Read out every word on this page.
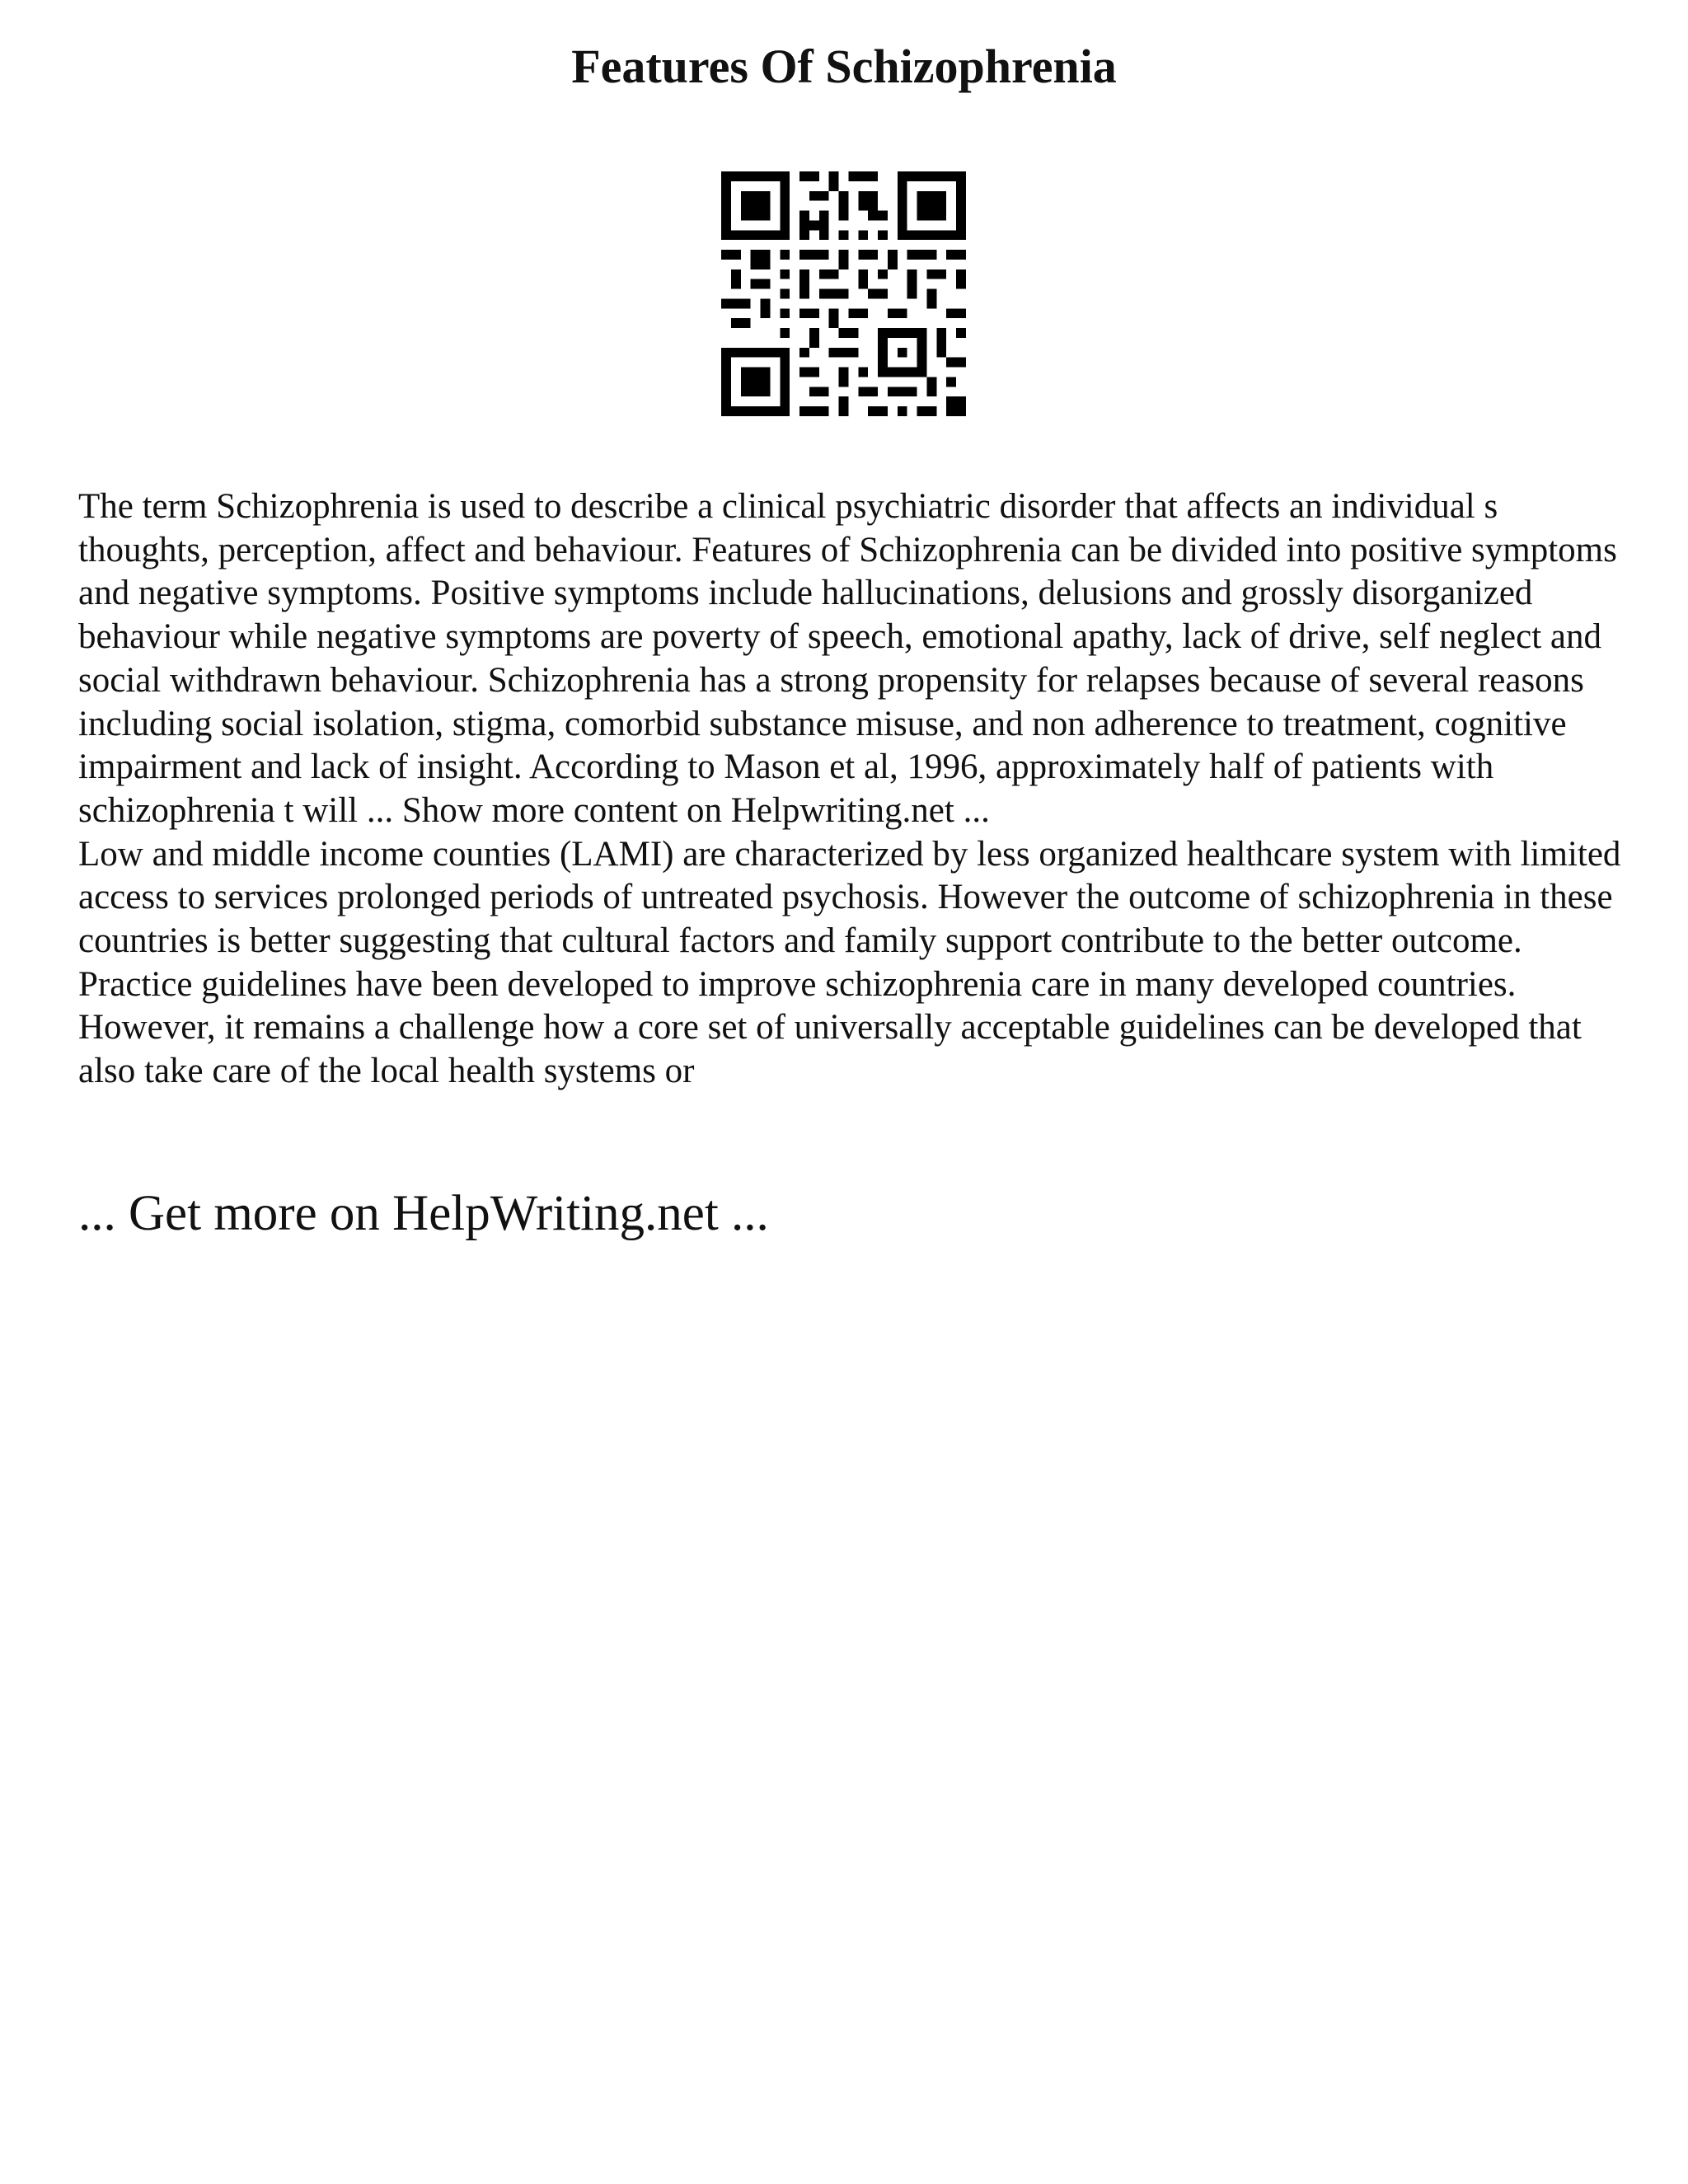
Features Of Schizophrenia

The term Schizophrenia is used to describe a clinical psychiatric disorder that affects an individual s thoughts, perception, affect and behaviour. Features of Schizophrenia can be divided into positive symptoms and negative symptoms. Positive symptoms include hallucinations, delusions and grossly disorganized behaviour while negative symptoms are poverty of speech, emotional apathy, lack of drive, self neglect and social withdrawn behaviour. Schizophrenia has a strong propensity for relapses because of several reasons including social isolation, stigma, comorbid substance misuse, and non adherence to treatment, cognitive impairment and lack of insight. According to Mason et al, 1996, approximately half of patients with schizophrenia t will ... Show more content on Helpwriting.net ...

Low and middle income counties (LAMI) are characterized by less organized healthcare system with limited access to services prolonged periods of untreated psychosis. However the outcome of schizophrenia in these countries is better suggesting that cultural factors and family support contribute to the better outcome.

Practice guidelines have been developed to improve schizophrenia care in many developed countries. However, it remains a challenge how a core set of universally acceptable guidelines can be developed that also take care of the local health systems or

... Get more on HelpWriting.net ...
